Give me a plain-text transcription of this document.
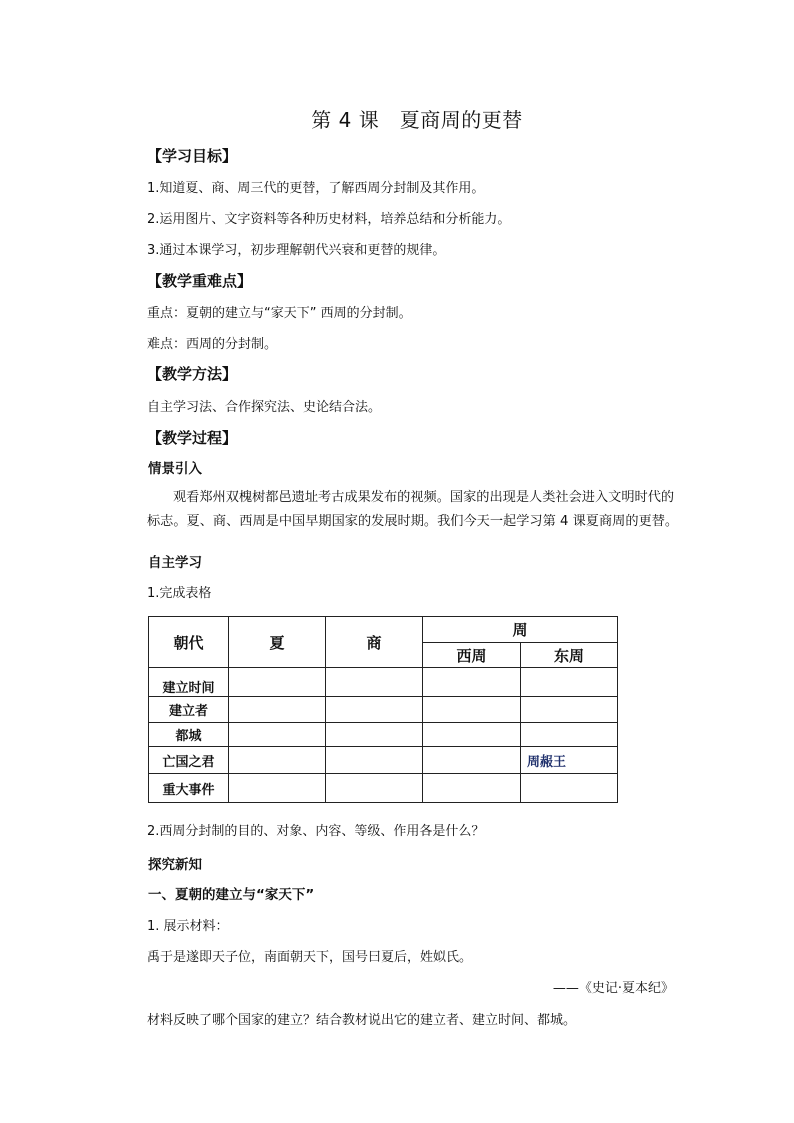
第 4 课　夏商周的更替
【学习目标】
1.知道夏、商、周三代的更替，了解西周分封制及其作用。
2.运用图片、文字资料等各种历史材料，培养总结和分析能力。
3.通过本课学习，初步理解朝代兴衰和更替的规律。
【教学重难点】
重点：夏朝的建立与“家天下” 西周的分封制。
难点：西周的分封制。
【教学方法】
自主学习法、合作探究法、史论结合法。
【教学过程】
情景引入
观看郑州双槐树都邑遗址考古成果发布的视频。国家的出现是人类社会进入文明时代的标志。夏、商、西周是中国早期国家的发展时期。我们今天一起学习第 4 课夏商周的更替。
自主学习
1.完成表格
朝代	夏	商	周	
			西周	东周
建立时间				
建立者				
都城				
亡国之君				周赧王
重大事件				
2.西周分封制的目的、对象、内容、等级、作用各是什么？
探究新知
一、夏朝的建立与“家天下”
1. 展示材料：
禹于是遂即天子位，南面朝天下，国号曰夏后，姓姒氏。
——《史记·夏本纪》
材料反映了哪个国家的建立？结合教材说出它的建立者、建立时间、都城。
